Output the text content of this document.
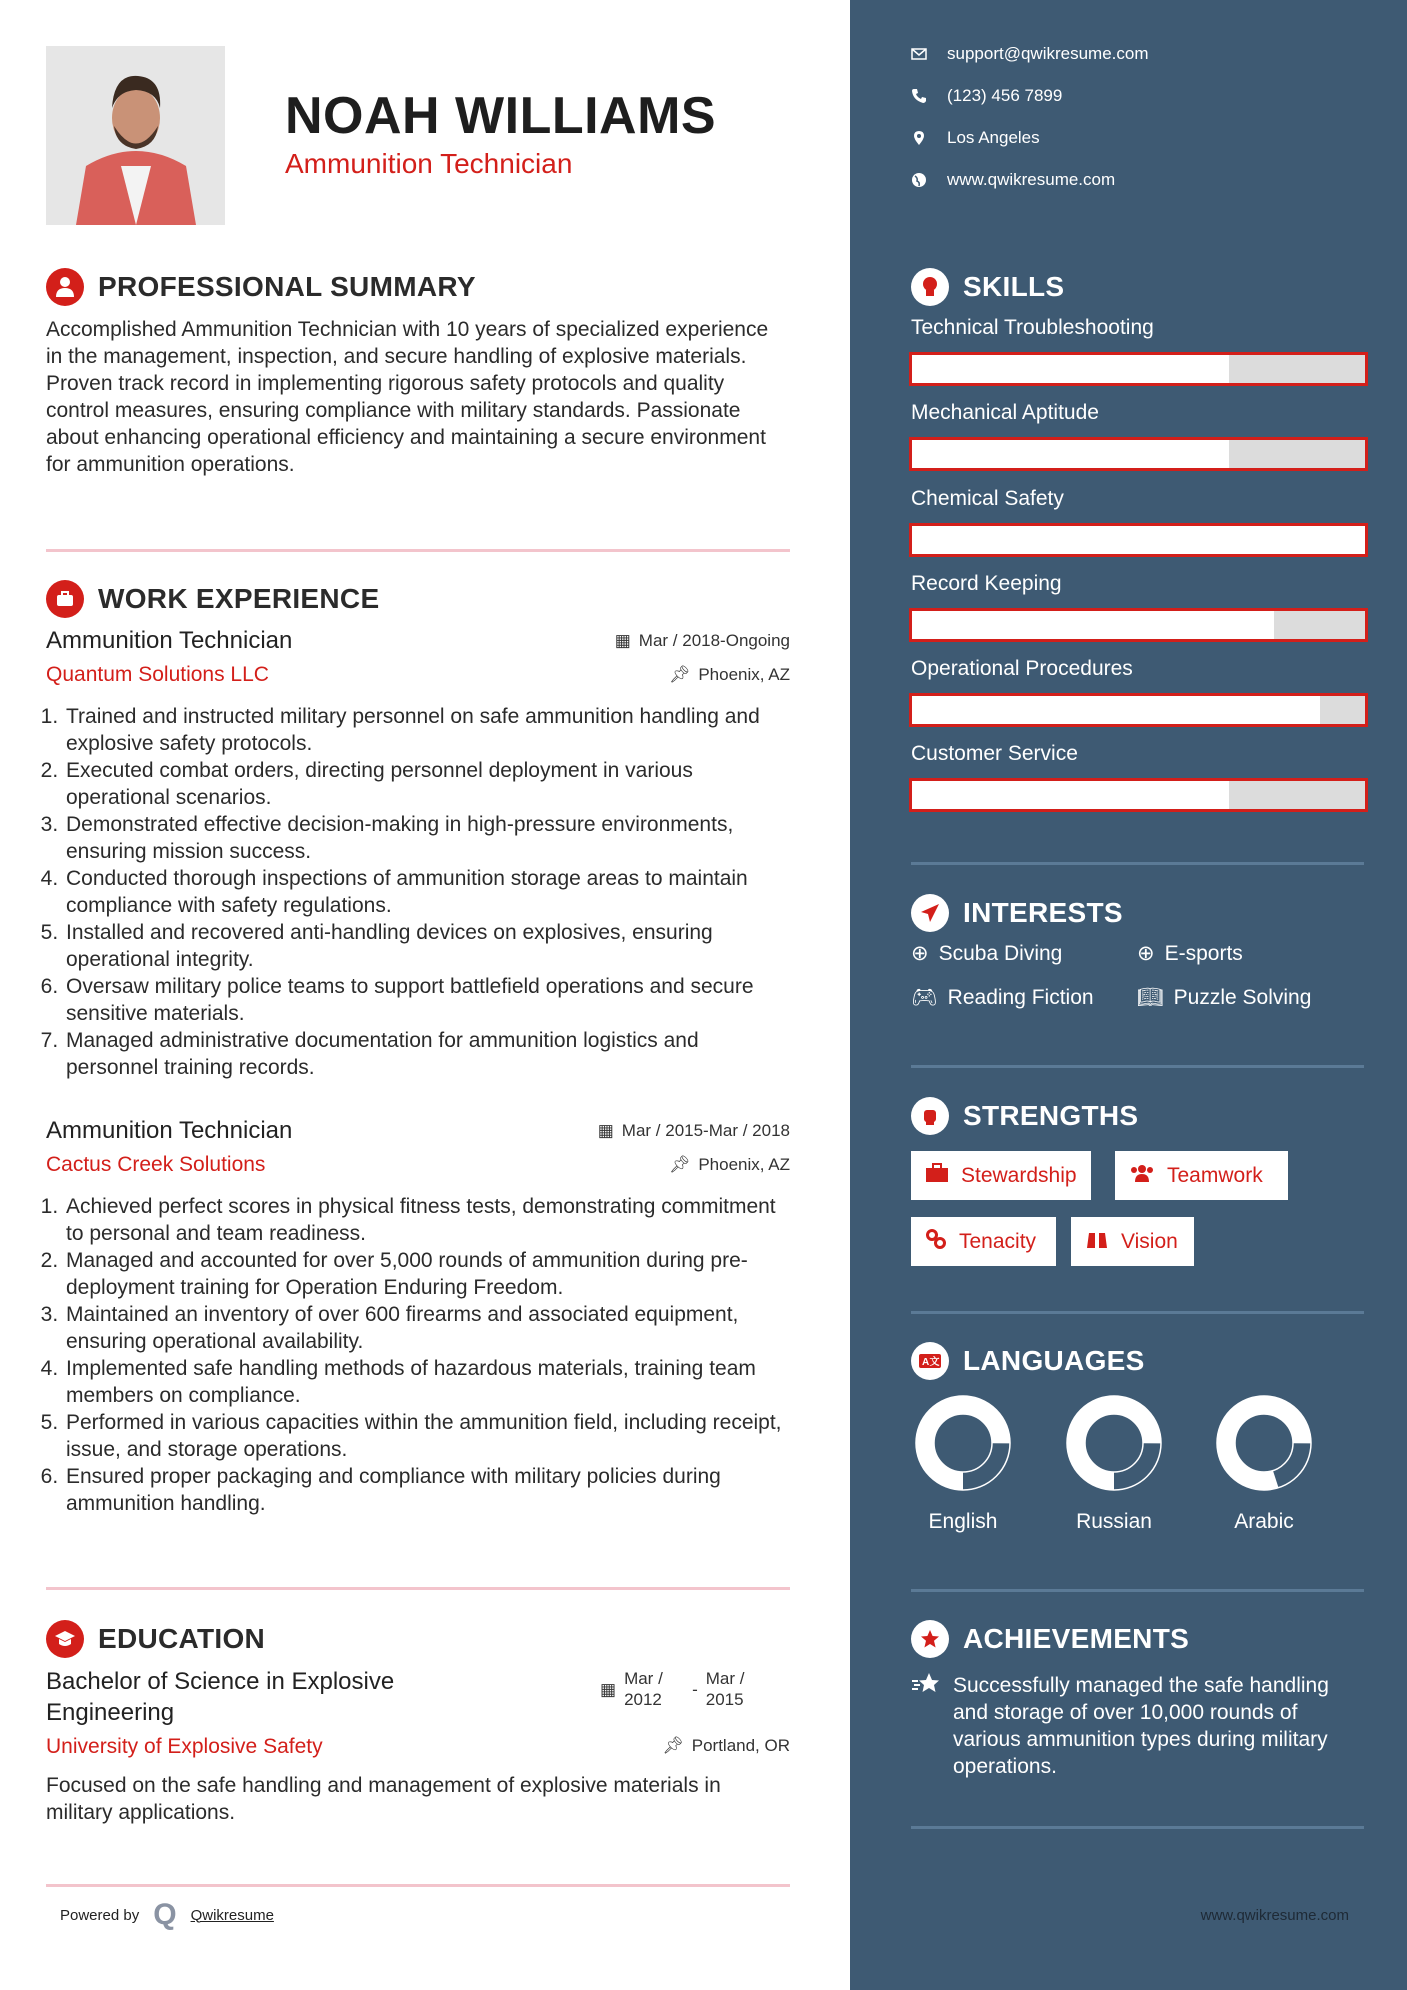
NOAH WILLIAMS
Ammunition Technician
PROFESSIONAL SUMMARY

Accomplished Ammunition Technician with 10 years of specialized experience in the management, inspection, and secure handling of explosive materials. Proven track record in implementing rigorous safety protocols and quality control measures, ensuring compliance with military standards. Passionate about enhancing operational efficiency and maintaining a secure environment for ammunition operations.

WORK EXPERIENCE
Ammunition Technician	▦ Mar / 2018-Ongoing
Quantum Solutions LLC	📌︎ Phoenix, AZ
1. Trained and instructed military personnel on safe ammunition handling and explosive safety protocols.
2. Executed combat orders, directing personnel deployment in various operational scenarios.
3. Demonstrated effective decision-making in high-pressure environments, ensuring mission success.
4. Conducted thorough inspections of ammunition storage areas to maintain compliance with safety regulations.
5. Installed and recovered anti-handling devices on explosives, ensuring operational integrity.
6. Oversaw military police teams to support battlefield operations and secure sensitive materials.
7. Managed administrative documentation for ammunition logistics and personnel training records.
Ammunition Technician	▦ Mar / 2015-Mar / 2018
Cactus Creek Solutions	📌︎ Phoenix, AZ
1. Achieved perfect scores in physical fitness tests, demonstrating commitment to personal and team readiness.
2. Managed and accounted for over 5,000 rounds of ammunition during pre-deployment training for Operation Enduring Freedom.
3. Maintained an inventory of over 600 firearms and associated equipment, ensuring operational availability.
4. Implemented safe handling methods of hazardous materials, training team members on compliance.
5. Performed in various capacities within the ammunition field, including receipt, issue, and storage operations.
6. Ensured proper packaging and compliance with military policies during ammunition handling.
EDUCATION
Bachelor of Science in Explosive Engineering
▦
Mar / 2012
-
Mar / 2015
University of Explosive Safety	📌︎ Portland, OR

Focused on the safe handling and management of explosive materials in military applications.

Powered by Q Qwikresume
support@qwikresume.com
(123) 456 7899
Los Angeles
www.qwikresume.com
SKILLS
Technical Troubleshooting
Mechanical Aptitude
Chemical Safety
Record Keeping
Operational Procedures
Customer Service
INTERESTS
⊕ Scuba Diving	⊕ E-sports
🎮︎ Reading Fiction 📖︎ Puzzle Solving
STRENGTHS
Stewardship	Teamwork
Tenacity	Vision
A文 LANGUAGES
English	Russian	Arabic
ACHIEVEMENTS

Successfully managed the safe handling and storage of over 10,000 rounds of various ammunition types during military operations.

www.qwikresume.com
